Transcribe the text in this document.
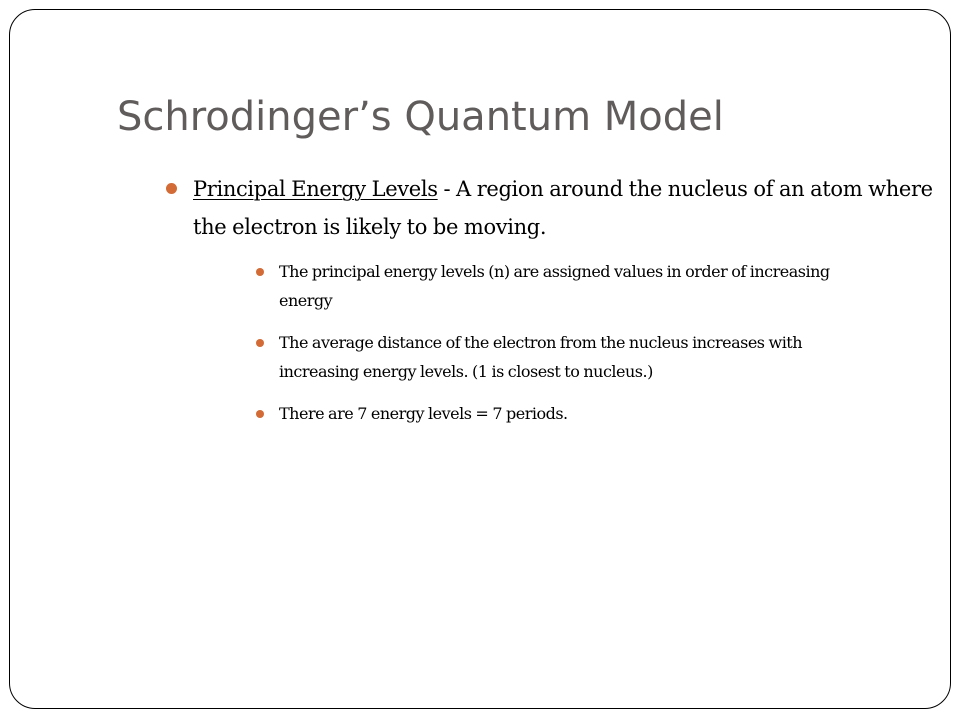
Schrodinger’s Quantum Model
Principal Energy Levels - A region around the nucleus of an atom where the electron is likely to be moving.
The principal energy levels (n) are assigned values in order of increasing energy
The average distance of the electron from the nucleus increases with increasing energy levels. (1 is closest to nucleus.)
There are 7 energy levels = 7 periods.
